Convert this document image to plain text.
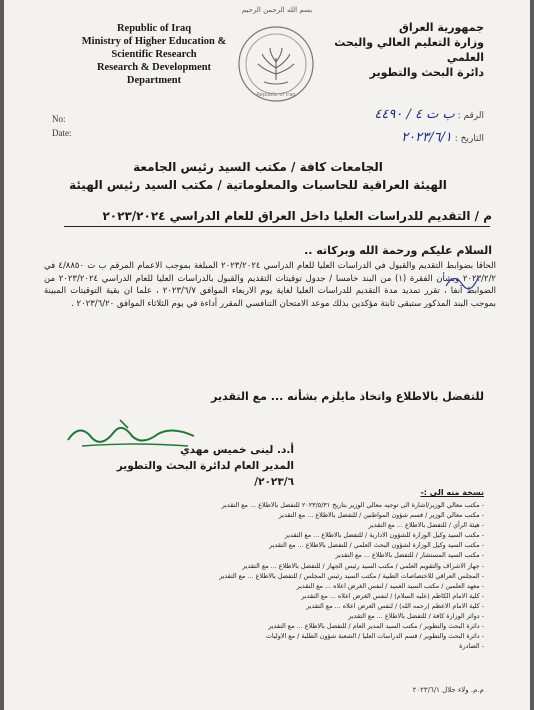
بسم الله الرحمن الرحيم
Republic of Iraq
Ministry of Higher Education &
Scientific Research
Research & Development
Department
Republic of Iraq
جمهورية العراق
وزارة التعليم العالي والبحث العلمي
دائرة البحث والتطوير
No:
Date:
الرقم : ب ت ٤ / ٤٤٩٠
التاريخ : ٢٠٢٣/٦/١
الجامعات كافة / مكتب السيد رئيس الجامعة
الهيئة العراقية للحاسبات والمعلوماتية / مكتب السيد رئيس الهيئة
م / التقديم للدراسات العليا داخل العراق للعام الدراسي ٢٠٢٣/٢٠٢٤
السلام عليكم ورحمة الله وبركاته ..
الحاقا بضوابط التقديم والقبول في الدراسات العليا للعام الدراسي ٢٠٢٣/٢٠٢٤ المبلغة بموجب الاعمام المرقم ب ت ٤/٨٨٥٠ في ٢٠٢٣/٢/٢ وبشأن الفقرة (١) من البند خامسا / جدول توقيتات التقديم والقبول بالدراسات العليا للعام الدراسي ٢٠٢٣/٢٠٢٤ من الضوابط آنفا ، تقرر تمديد مدة التقديم للدراسات العليا لغاية يوم الاربعاء الموافق ٢٠٢٣/٦/٧ ، علما ان بقية التوقيتات المبينة بموجب البند المذكور ستبقى ثابتة مؤكدين بذلك موعد الامتحان التنافسي المقرر أداءة في يوم الثلاثاء الموافق ٢٠٢٣/٦/٢٠ .
للتفضل بالاطلاع واتخاذ مايلزم بشأنه ... مع التقدير
أ.د. لينى خميس مهدي
المدير العام لدائرة البحث والتطوير
٢٠٢٣/٦/
نسخة منه الى :-
- مكتب معالي الوزير/اشارة الى توجيه معالي الوزير بتاريخ ٢٠٢٣/٥/٣١ للتفضل بالاطلاع ... مع التقدير
- مكتب معالي الوزير / قسم شؤون المواطنين / للتفضل بالاطلاع ... مع التقدير
- هيئة الرأي / للتفضل بالاطلاع ... مع التقدير
- مكتب السيد وكيل الوزارة للشؤون الادارية / للتفضل بالاطلاع ... مع التقدير
- مكتب السيد وكيل الوزارة لشؤون البحث العلمي / للتفضل بالاطلاع ... مع التقدير
- مكتب السيد المستشار / للتفضل بالاطلاع ... مع التقدير
- جهاز الاشراف والتقويم العلمي / مكتب السيد رئيس الجهاز / للتفضل بالاطلاع ... مع التقدير
- المجلس العراقي للاختصاصات الطبية / مكتب السيد رئيس المجلس / للتفضل بالاطلاع ... مع التقدير
- معهد العلمين / مكتب السيد العميد / لنفس الغرض اعلاه ... مع التقدير
- كلية الامام الكاظم (عليه السلام) / لنفس الغرض اعلاه ... مع التقدير
- كلية الامام الاعظم (رحمه الله) / لنفس الغرض اعلاه ... مع التقدير
- دوائر الوزارة كافة / للتفضل بالاطلاع ... مع التقدير
- دائرة البحث والتطوير / مكتب السيد المدير العام / للتفضل بالاطلاع ... مع التقدير
- دائرة البحث والتطوير / قسم الدراسات العليا / الشعبة شؤون الطلبة / مع الاوليات
- الصادرة
م.م. ولاء جلال ٢٠٢٣/٦/١
